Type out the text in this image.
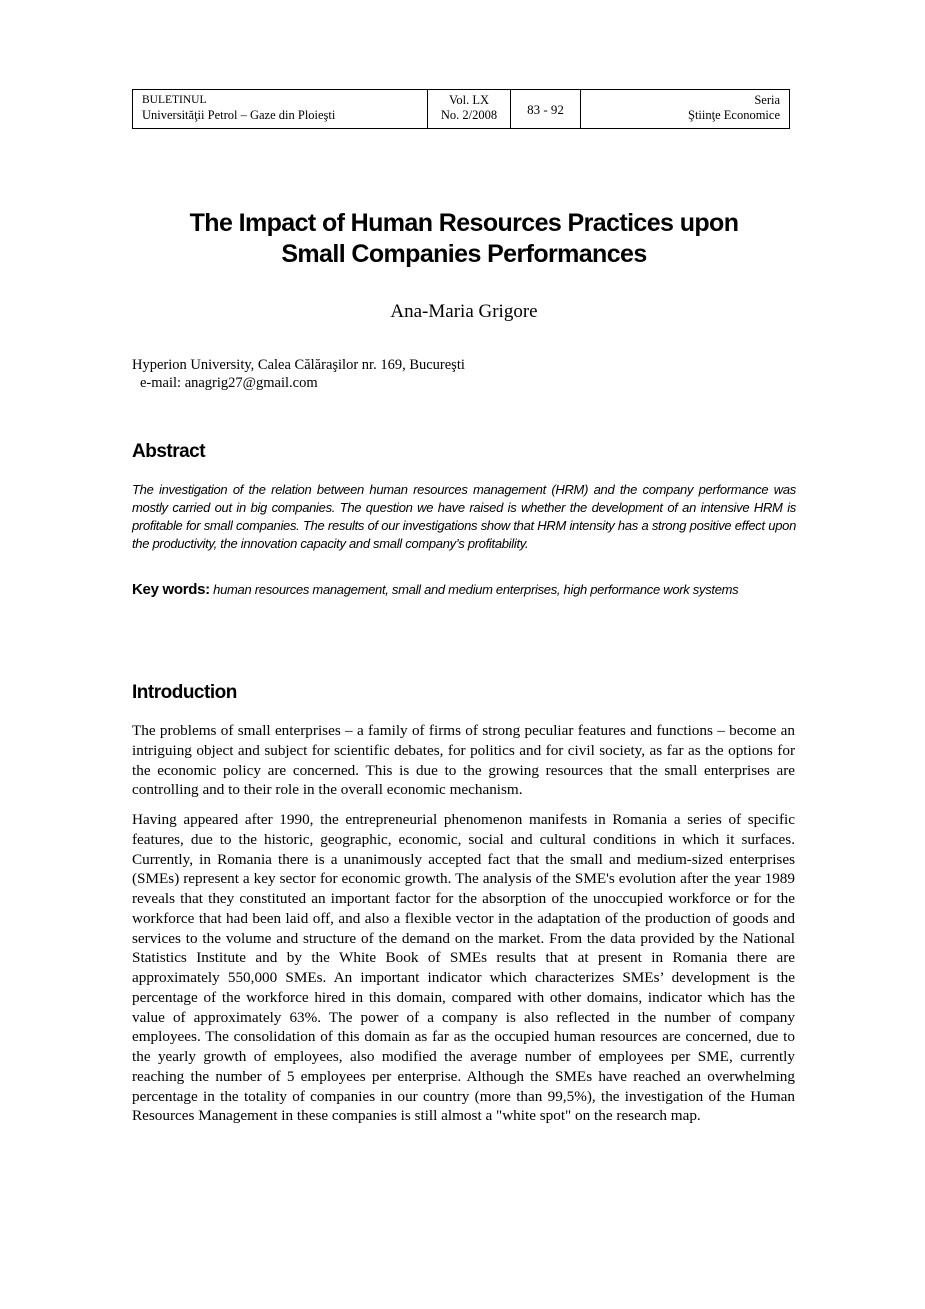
BULETINUL
Universităţii Petrol – Gaze din Ploieşti
Vol. LX
No. 2/2008	83 - 92
Seria
Ştiinţe Economice
The Impact of Human Resources Practices upon
Small Companies Performances
Ana-Maria Grigore
Hyperion University, Calea Călăraşilor nr. 169, Bucureşti
e-mail: anagrig27@gmail.com
Abstract

The investigation of the relation between human resources management (HRM) and the company performance was mostly carried out in big companies. The question we have raised is whether the development of an intensive HRM is profitable for small companies. The results of our investigations show that HRM intensity has a strong positive effect upon the productivity, the innovation capacity and small company’s profitability.

Key words: human resources management, small and medium enterprises, high performance work systems

Introduction

The problems of small enterprises – a family of firms of strong peculiar features and functions – become an intriguing object and subject for scientific debates, for politics and for civil society, as far as the options for the economic policy are concerned. This is due to the growing resources that the small enterprises are controlling and to their role in the overall economic mechanism.

Having appeared after 1990, the entrepreneurial phenomenon manifests in Romania a series of specific features, due to the historic, geographic, economic, social and cultural conditions in which it surfaces. Currently, in Romania there is a unanimously accepted fact that the small and medium-sized enterprises (SMEs) represent a key sector for economic growth. The analysis of the SME's evolution after the year 1989 reveals that they constituted an important factor for the absorption of the unoccupied workforce or for the workforce that had been laid off, and also a flexible vector in the adaptation of the production of goods and services to the volume and structure of the demand on the market. From the data provided by the National Statistics Institute and by the White Book of SMEs results that at present in Romania there are approximately 550,000 SMEs. An important indicator which characterizes SMEs’ development is the percentage of the workforce hired in this domain, compared with other domains, indicator which has the value of approximately 63%. The power of a company is also reflected in the number of company employees. The consolidation of this domain as far as the occupied human resources are concerned, due to the yearly growth of employees, also modified the average number of employees per SME, currently reaching the number of 5 employees per enterprise. Although the SMEs have reached an overwhelming percentage in the totality of companies in our country (more than 99,5%), the investigation of the Human Resources Management in these companies is still almost a "white spot" on the research map.
